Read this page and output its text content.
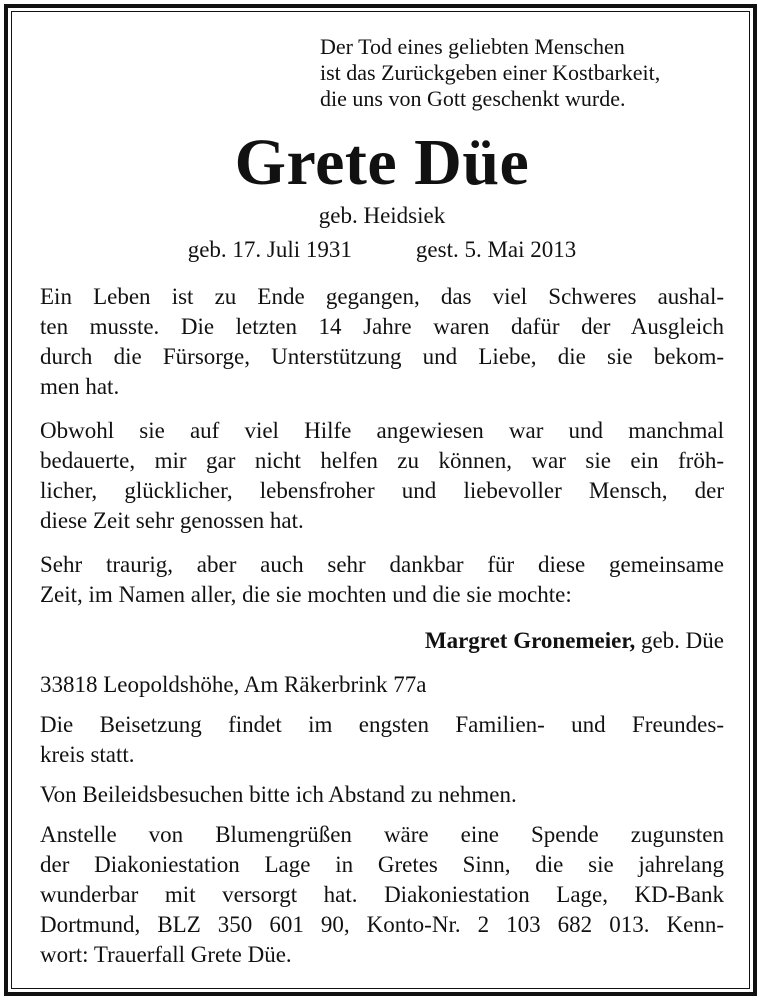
Der Tod eines geliebten Menschen
ist das Zurückgeben einer Kostbarkeit,
die uns von Gott geschenkt wurde.
Grete Düe
geb. Heidsiek
geb. 17. Juli 1931	gest. 5. Mai 2013
Ein Leben ist zu Ende gegangen, das viel Schweres aushal-
ten musste. Die letzten 14 Jahre waren dafür der Ausgleich
durch die Fürsorge, Unterstützung und Liebe, die sie bekom-
men hat.
Obwohl sie auf viel Hilfe angewiesen war und manchmal
bedauerte, mir gar nicht helfen zu können, war sie ein fröh-
licher, glücklicher, lebensfroher und liebevoller Mensch, der
diese Zeit sehr genossen hat.
Sehr traurig, aber auch sehr dankbar für diese gemeinsame
Zeit, im Namen aller, die sie mochten und die sie mochte:
Margret Gronemeier, geb. Düe
33818 Leopoldshöhe, Am Räkerbrink 77a
Die Beisetzung findet im engsten Familien- und Freundes-
kreis statt.
Von Beileidsbesuchen bitte ich Abstand zu nehmen.
Anstelle von Blumengrüßen wäre eine Spende zugunsten
der Diakoniestation Lage in Gretes Sinn, die sie jahrelang
wunderbar mit versorgt hat. Diakoniestation Lage, KD-Bank
Dortmund, BLZ 350 601 90, Konto-Nr. 2 103 682 013. Kenn-
wort: Trauerfall Grete Düe.
